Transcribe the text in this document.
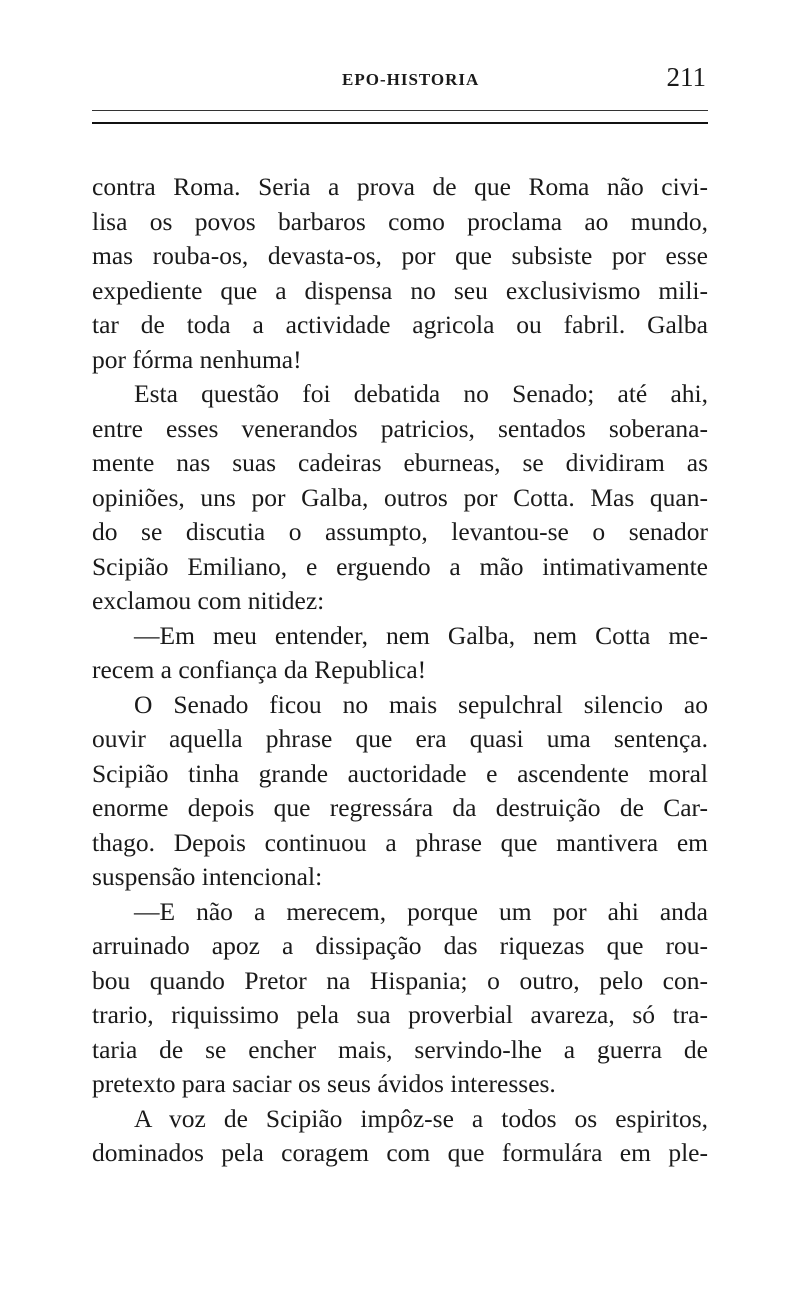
EPO-HISTORIA	211

contra Roma. Seria a prova de que Roma não civi-
lisa os povos barbaros como proclama ao mundo,
mas rouba-os, devasta-os, por que subsiste por esse
expediente que a dispensa no seu exclusivismo mili-
tar de toda a actividade agricola ou fabril. Galba
por fórma nenhuma!

Esta questão foi debatida no Senado; até ahi,
entre esses venerandos patricios, sentados soberana-
mente nas suas cadeiras eburneas, se dividiram as
opiniões, uns por Galba, outros por Cotta. Mas quan-
do se discutia o assumpto, levantou-se o senador
Scipião Emiliano, e erguendo a mão intimativamente
exclamou com nitidez:

—Em meu entender, nem Galba, nem Cotta me-
recem a confiança da Republica!

O Senado ficou no mais sepulchral silencio ao
ouvir aquella phrase que era quasi uma sentença.
Scipião tinha grande auctoridade e ascendente moral
enorme depois que regressára da destruição de Car-
thago. Depois continuou a phrase que mantivera em
suspensão intencional:

—E não a merecem, porque um por ahi anda
arruinado apoz a dissipação das riquezas que rou-
bou quando Pretor na Hispania; o outro, pelo con-
trario, riquissimo pela sua proverbial avareza, só tra-
taria de se encher mais, servindo-lhe a guerra de
pretexto para saciar os seus ávidos interesses.

A voz de Scipião impôz-se a todos os espiritos,
dominados pela coragem com que formulára em ple-
